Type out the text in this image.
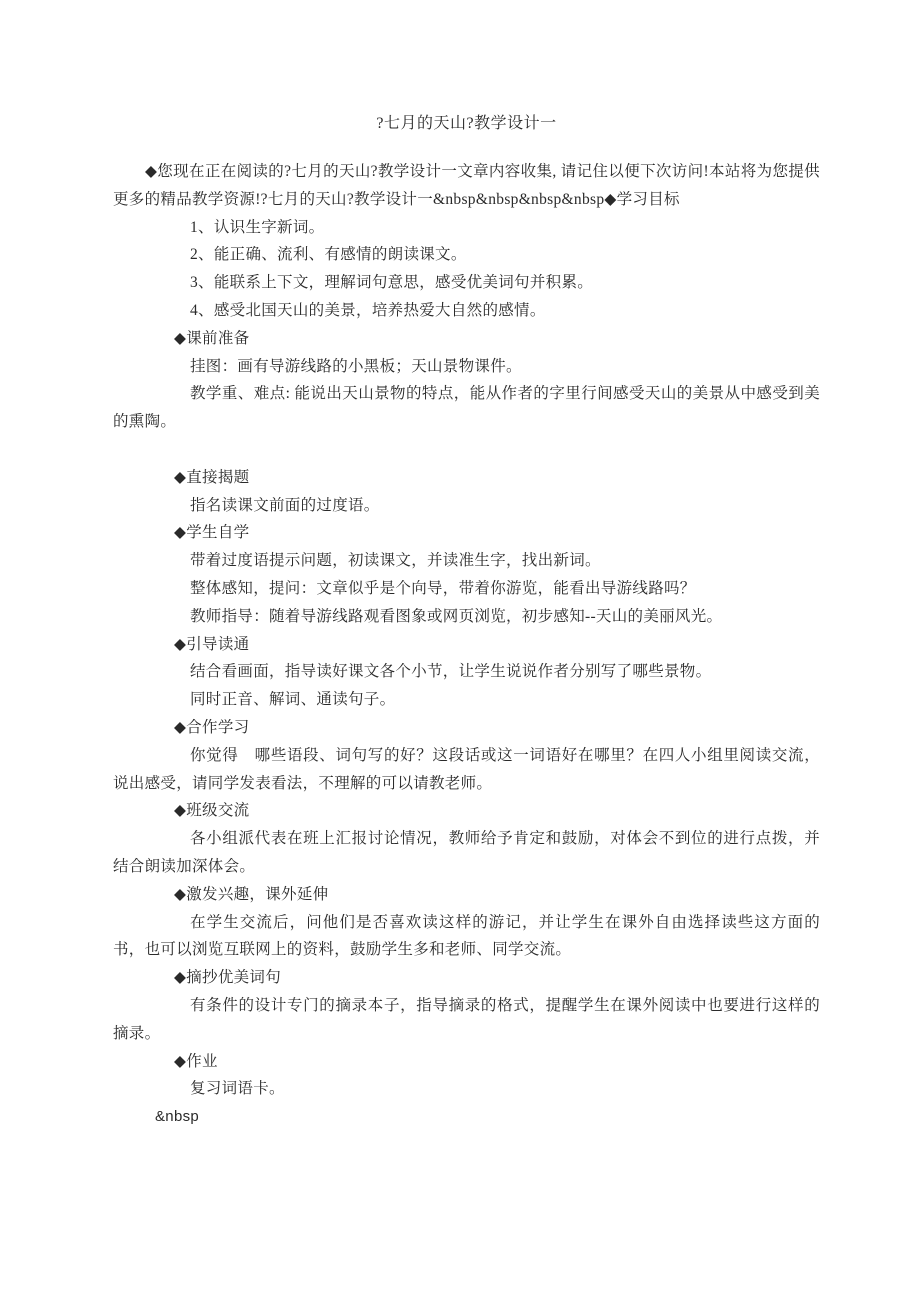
?七月的天山?教学设计一

◆您现在正在阅读的?七月的天山?教学设计一文章内容收集, 请记住以便下次访问!本站将为您提供更多的精品教学资源!?七月的天山?教学设计一&nbsp&nbsp&nbsp&nbsp◆学习目标

1、认识生字新词。

2、能正确、流利、有感情的朗读课文。

3、能联系上下文，理解词句意思，感受优美词句并积累。

4、感受北国天山的美景，培养热爱大自然的感情。

◆课前准备

挂图：画有导游线路的小黑板；天山景物课件。

教学重、难点: 能说出天山景物的特点，能从作者的字里行间感受天山的美景从中感受到美的熏陶。

◆直接揭题

指名读课文前面的过度语。

◆学生自学

带着过度语提示问题，初读课文，并读准生字，找出新词。

整体感知，提问：文章似乎是个向导，带着你游览，能看出导游线路吗？

教师指导：随着导游线路观看图象或网页浏览，初步感知--天山的美丽风光。

◆引导读通

结合看画面，指导读好课文各个小节，让学生说说作者分别写了哪些景物。

同时正音、解词、通读句子。

◆合作学习

你觉得　哪些语段、词句写的好？这段话或这一词语好在哪里？在四人小组里阅读交流，说出感受，请同学发表看法，不理解的可以请教老师。

◆班级交流

各小组派代表在班上汇报讨论情况，教师给予肯定和鼓励，对体会不到位的进行点拨，并结合朗读加深体会。

◆激发兴趣，课外延伸

在学生交流后，问他们是否喜欢读这样的游记，并让学生在课外自由选择读些这方面的书，也可以浏览互联网上的资料，鼓励学生多和老师、同学交流。

◆摘抄优美词句

有条件的设计专门的摘录本子，指导摘录的格式，提醒学生在课外阅读中也要进行这样的摘录。

◆作业

复习词语卡。

&nbsp
